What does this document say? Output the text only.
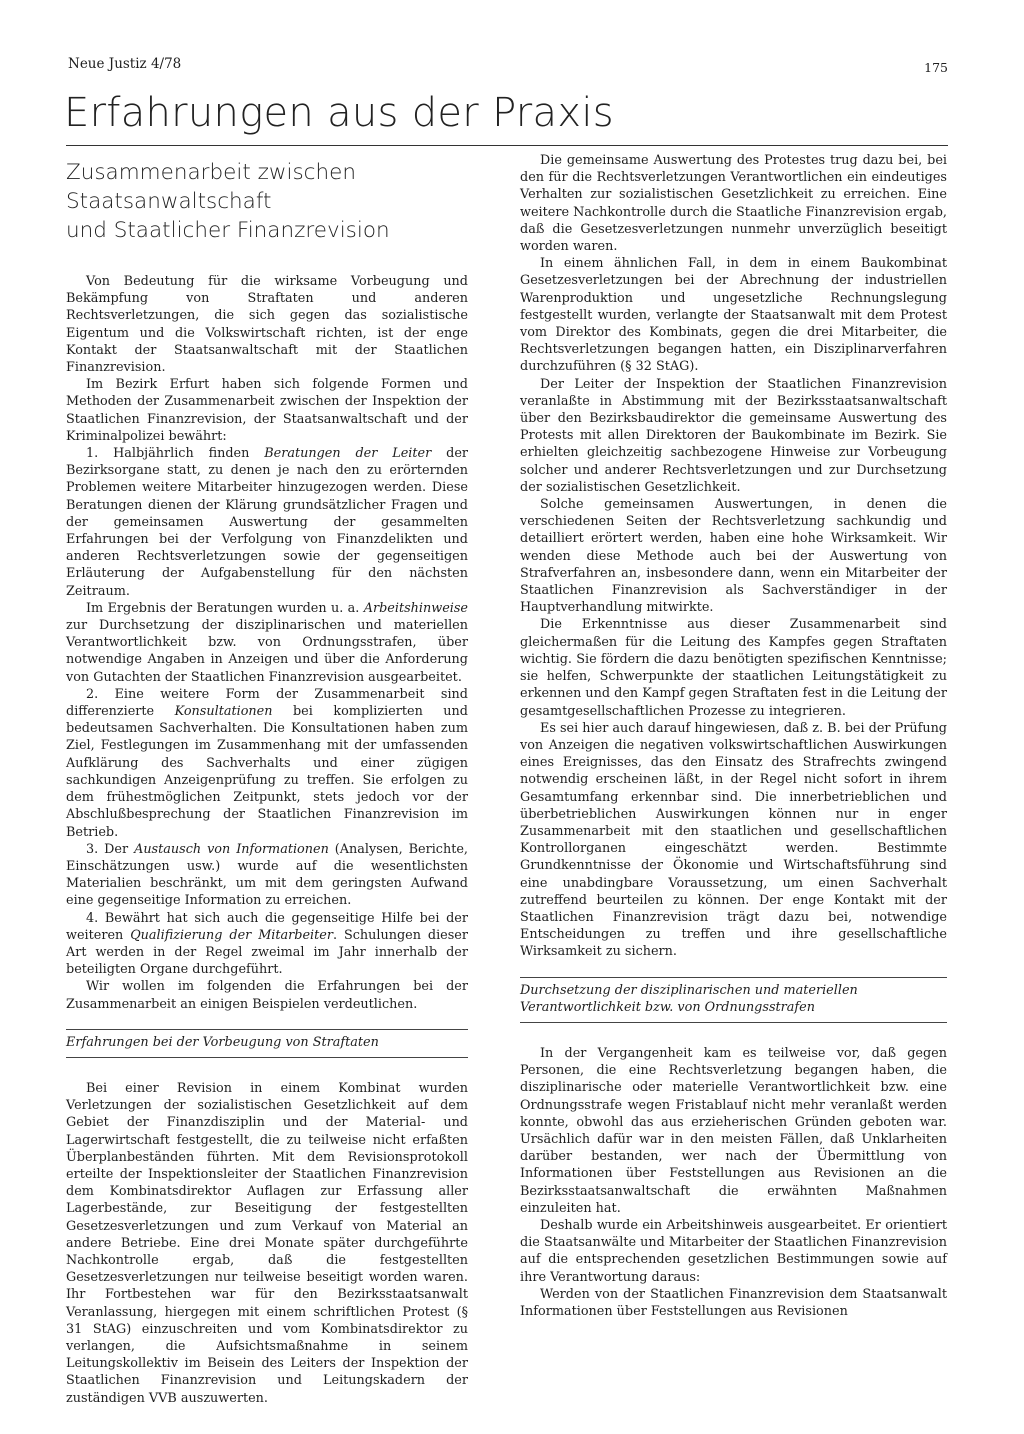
Neue Justiz 4/78	175
Erfahrungen aus der Praxis
Zusammenarbeit zwischen
Staatsanwaltschaft
und Staatlicher Finanzrevision

Von Bedeutung für die wirksame Vorbeugung und Bekämpfung von Straftaten und anderen Rechtsverletzungen, die sich gegen das sozialistische Eigentum und die Volkswirtschaft richten, ist der enge Kontakt der Staatsanwaltschaft mit der Staatlichen Finanzrevision.

Im Bezirk Erfurt haben sich folgende Formen und Methoden der Zusammenarbeit zwischen der Inspektion der Staatlichen Finanzrevision, der Staatsanwaltschaft und der Kriminalpolizei bewährt:

1. Halbjährlich finden Beratungen der Leiter der Bezirksorgane statt, zu denen je nach den zu erörternden Problemen weitere Mitarbeiter hinzugezogen werden. Diese Beratungen dienen der Klärung grundsätzlicher Fragen und der gemeinsamen Auswertung der gesammelten Erfahrungen bei der Verfolgung von Finanzdelikten und anderen Rechtsverletzungen sowie der gegenseitigen Erläuterung der Aufgabenstellung für den nächsten Zeitraum.

Im Ergebnis der Beratungen wurden u. a. Arbeitshinweise zur Durchsetzung der disziplinarischen und materiellen Verantwortlichkeit bzw. von Ordnungsstrafen, über notwendige Angaben in Anzeigen und über die Anforderung von Gutachten der Staatlichen Finanzrevision ausgearbeitet.

2. Eine weitere Form der Zusammenarbeit sind differenzierte Konsultationen bei komplizierten und bedeutsamen Sachverhalten. Die Konsultationen haben zum Ziel, Festlegungen im Zusammenhang mit der umfassenden Aufklärung des Sachverhalts und einer zügigen sachkundigen Anzeigenprüfung zu treffen. Sie erfolgen zu dem frühestmöglichen Zeitpunkt, stets jedoch vor der Abschlußbesprechung der Staatlichen Finanzrevision im Betrieb.

3. Der Austausch von Informationen (Analysen, Berichte, Einschätzungen usw.) wurde auf die wesentlichsten Materialien beschränkt, um mit dem geringsten Aufwand eine gegenseitige Information zu erreichen.

4. Bewährt hat sich auch die gegenseitige Hilfe bei der weiteren Qualifizierung der Mitarbeiter. Schulungen dieser Art werden in der Regel zweimal im Jahr innerhalb der beteiligten Organe durchgeführt.

Wir wollen im folgenden die Erfahrungen bei der Zusammenarbeit an einigen Beispielen verdeutlichen.

Erfahrungen bei der Vorbeugung von Straftaten

Bei einer Revision in einem Kombinat wurden Verletzungen der sozialistischen Gesetzlichkeit auf dem Gebiet der Finanzdisziplin und der Material- und Lagerwirtschaft festgestellt, die zu teilweise nicht erfaßten Überplanbeständen führten. Mit dem Revisionsprotokoll erteilte der Inspektionsleiter der Staatlichen Finanzrevision dem Kombinatsdirektor Auflagen zur Erfassung aller Lagerbestände, zur Beseitigung der festgestellten Gesetzesverletzungen und zum Verkauf von Material an andere Betriebe. Eine drei Monate später durchgeführte Nachkontrolle ergab, daß die festgestellten Gesetzesverletzungen nur teilweise beseitigt worden waren. Ihr Fortbestehen war für den Bezirksstaatsanwalt Veranlassung, hiergegen mit einem schriftlichen Protest (§ 31 StAG) einzuschreiten und vom Kombinatsdirektor zu verlangen, die Aufsichtsmaßnahme in seinem Leitungskollektiv im Beisein des Leiters der Inspektion der Staatlichen Finanzrevision und Leitungskadern der zuständigen VVB auszuwerten.

Die gemeinsame Auswertung des Protestes trug dazu bei, bei den für die Rechtsverletzungen Verantwortlichen ein eindeutiges Verhalten zur sozialistischen Gesetzlichkeit zu erreichen. Eine weitere Nachkontrolle durch die Staatliche Finanzrevision ergab, daß die Gesetzesverletzungen nunmehr unverzüglich beseitigt worden waren.

In einem ähnlichen Fall, in dem in einem Baukombinat Gesetzesverletzungen bei der Abrechnung der industriellen Warenproduktion und ungesetzliche Rechnungslegung festgestellt wurden, verlangte der Staatsanwalt mit dem Protest vom Direktor des Kombinats, gegen die drei Mitarbeiter, die Rechtsverletzungen begangen hatten, ein Disziplinarverfahren durchzuführen (§ 32 StAG).

Der Leiter der Inspektion der Staatlichen Finanzrevision veranlaßte in Abstimmung mit der Bezirksstaatsanwaltschaft über den Bezirksbaudirektor die gemeinsame Auswertung des Protests mit allen Direktoren der Baukombinate im Bezirk. Sie erhielten gleichzeitig sachbezogene Hinweise zur Vorbeugung solcher und anderer Rechtsverletzungen und zur Durchsetzung der sozialistischen Gesetzlichkeit.

Solche gemeinsamen Auswertungen, in denen die verschiedenen Seiten der Rechtsverletzung sachkundig und detailliert erörtert werden, haben eine hohe Wirksamkeit. Wir wenden diese Methode auch bei der Auswertung von Strafverfahren an, insbesondere dann, wenn ein Mitarbeiter der Staatlichen Finanzrevision als Sachverständiger in der Hauptverhandlung mitwirkte.

Die Erkenntnisse aus dieser Zusammenarbeit sind gleichermaßen für die Leitung des Kampfes gegen Straftaten wichtig. Sie fördern die dazu benötigten spezifischen Kenntnisse; sie helfen, Schwerpunkte der staatlichen Leitungstätigkeit zu erkennen und den Kampf gegen Straftaten fest in die Leitung der gesamtgesellschaftlichen Prozesse zu integrieren.

Es sei hier auch darauf hingewiesen, daß z. B. bei der Prüfung von Anzeigen die negativen volkswirtschaftlichen Auswirkungen eines Ereignisses, das den Einsatz des Strafrechts zwingend notwendig erscheinen läßt, in der Regel nicht sofort in ihrem Gesamtumfang erkennbar sind. Die innerbetrieblichen und überbetrieblichen Auswirkungen können nur in enger Zusammenarbeit mit den staatlichen und gesellschaftlichen Kontrollorganen eingeschätzt werden. Bestimmte Grundkenntnisse der Ökonomie und Wirtschaftsführung sind eine unabdingbare Voraussetzung, um einen Sachverhalt zutreffend beurteilen zu können. Der enge Kontakt mit der Staatlichen Finanzrevision trägt dazu bei, notwendige Entscheidungen zu treffen und ihre gesellschaftliche Wirksamkeit zu sichern.

Durchsetzung der disziplinarischen und materiellen
Verantwortlichkeit bzw. von Ordnungsstrafen

In der Vergangenheit kam es teilweise vor, daß gegen Personen, die eine Rechtsverletzung begangen haben, die disziplinarische oder materielle Verantwortlichkeit bzw. eine Ordnungsstrafe wegen Fristablauf nicht mehr veranlaßt werden konnte, obwohl das aus erzieherischen Gründen geboten war. Ursächlich dafür war in den meisten Fällen, daß Unklarheiten darüber bestanden, wer nach der Übermittlung von Informationen über Feststellungen aus Revisionen an die Bezirksstaatsanwaltschaft die erwähnten Maßnahmen einzuleiten hat.

Deshalb wurde ein Arbeitshinweis ausgearbeitet. Er orientiert die Staatsanwälte und Mitarbeiter der Staatlichen Finanzrevision auf die entsprechenden gesetzlichen Bestimmungen sowie auf ihre Verantwortung daraus:

Werden von der Staatlichen Finanzrevision dem Staatsanwalt Informationen über Feststellungen aus Revisionen
